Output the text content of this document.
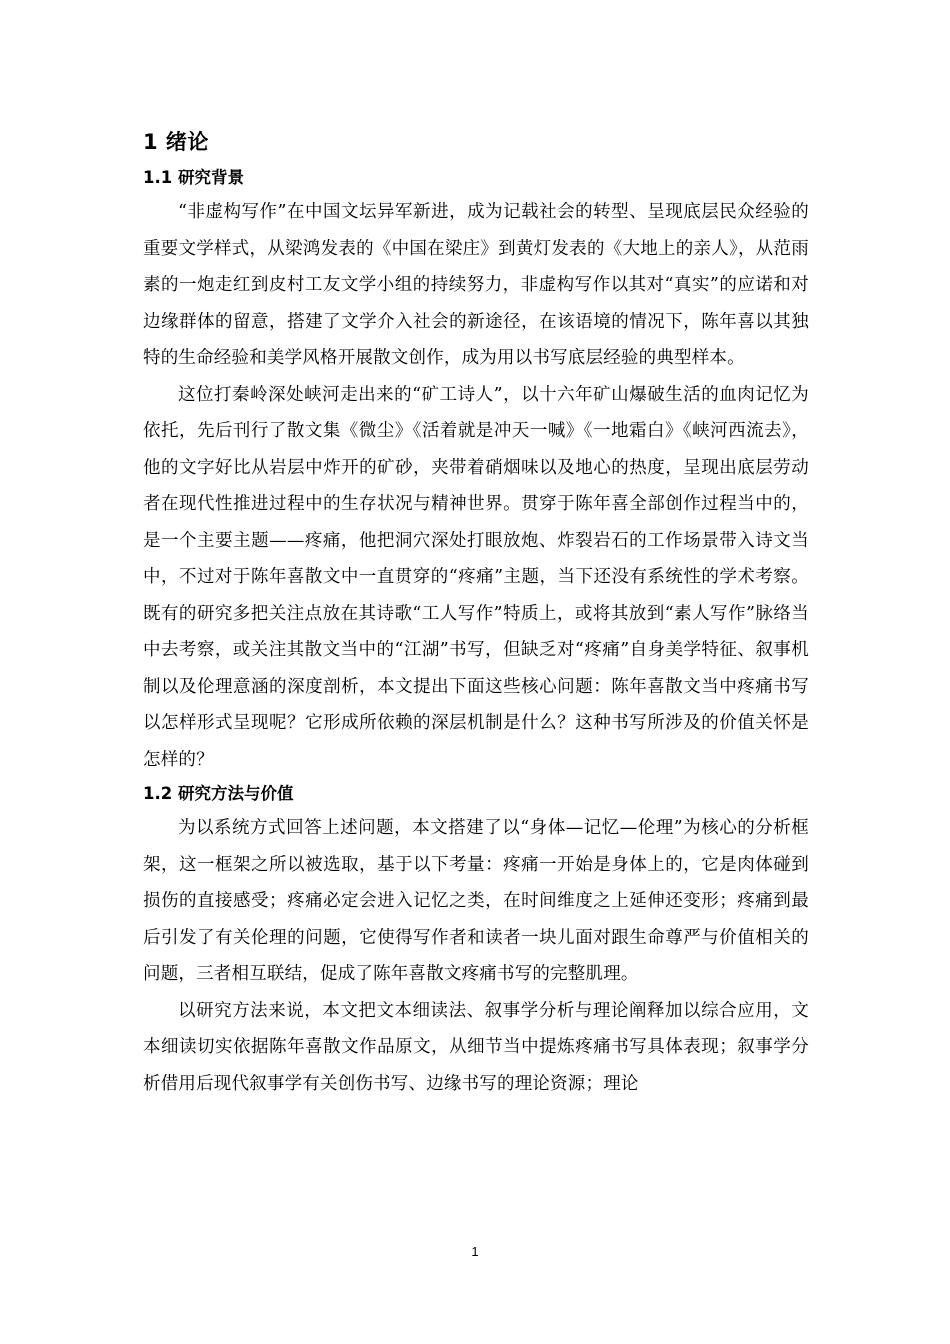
1 绪论
1.1 研究背景

“非虚构写作”在中国文坛异军新进，成为记载社会的转型、呈现底层民众经验的重要文学样式，从梁鸿发表的《中国在梁庄》到黄灯发表的《大地上的亲人》，从范雨素的一炮走红到皮村工友文学小组的持续努力，非虚构写作以其对“真实”的应诺和对边缘群体的留意，搭建了文学介入社会的新途径，在该语境的情况下，陈年喜以其独特的生命经验和美学风格开展散文创作，成为用以书写底层经验的典型样本。

这位打秦岭深处峡河走出来的“矿工诗人”，以十六年矿山爆破生活的血肉记忆为依托，先后刊行了散文集《微尘》《活着就是冲天一喊》《一地霜白》《峡河西流去》，他的文字好比从岩层中炸开的矿砂，夹带着硝烟味以及地心的热度，呈现出底层劳动者在现代性推进过程中的生存状况与精神世界。贯穿于陈年喜全部创作过程当中的，是一个主要主题——疼痛，他把洞穴深处打眼放炮、炸裂岩石的工作场景带入诗文当中，不过对于陈年喜散文中一直贯穿的“疼痛”主题，当下还没有系统性的学术考察。既有的研究多把关注点放在其诗歌“工人写作”特质上，或将其放到“素人写作”脉络当中去考察，或关注其散文当中的“江湖”书写，但缺乏对“疼痛”自身美学特征、叙事机制以及伦理意涵的深度剖析，本文提出下面这些核心问题：陈年喜散文当中疼痛书写以怎样形式呈现呢？它形成所依赖的深层机制是什么？这种书写所涉及的价值关怀是怎样的？

1.2 研究方法与价值

为以系统方式回答上述问题，本文搭建了以“身体—记忆—伦理”为核心的分析框架，这一框架之所以被选取，基于以下考量：疼痛一开始是身体上的，它是肉体碰到损伤的直接感受；疼痛必定会进入记忆之类，在时间维度之上延伸还变形；疼痛到最后引发了有关伦理的问题，它使得写作者和读者一块儿面对跟生命尊严与价值相关的问题，三者相互联结，促成了陈年喜散文疼痛书写的完整肌理。

以研究方法来说，本文把文本细读法、叙事学分析与理论阐释加以综合应用，文本细读切实依据陈年喜散文作品原文，从细节当中提炼疼痛书写具体表现；叙事学分析借用后现代叙事学有关创伤书写、边缘书写的理论资源；理论

1
